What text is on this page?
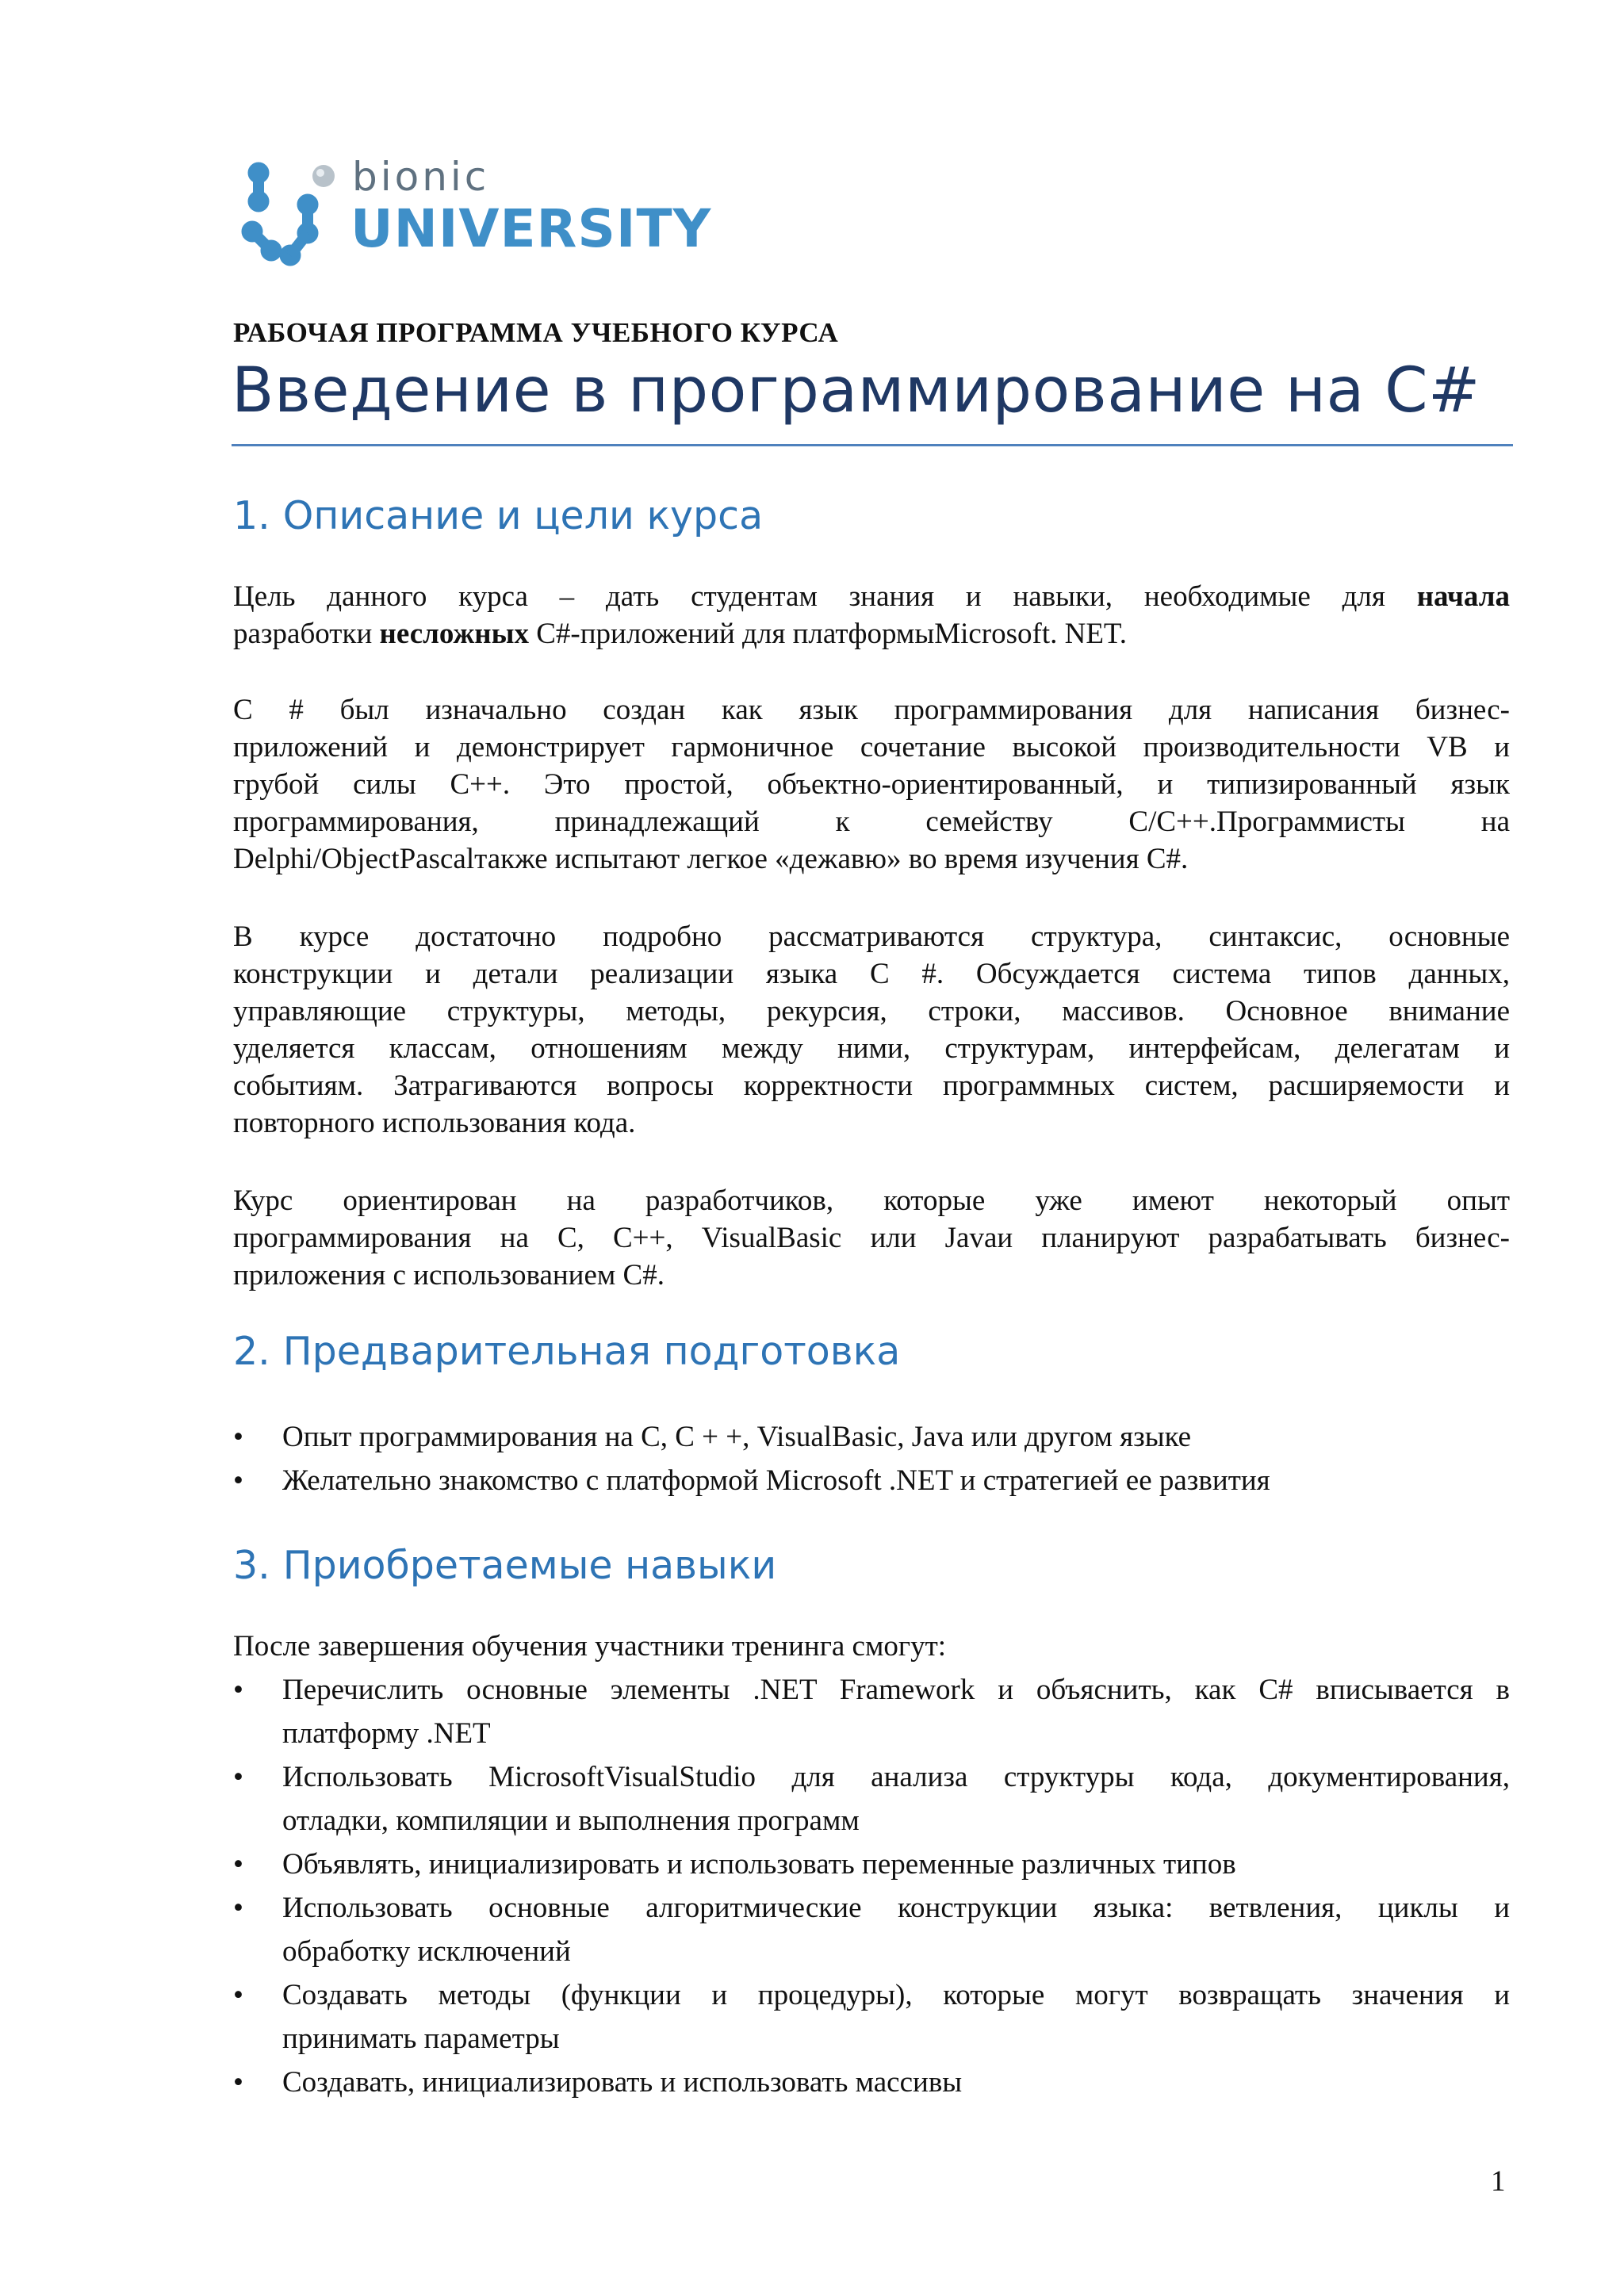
bionic
UNIVERSITY
РАБОЧАЯ ПРОГРАММА УЧЕБНОГО КУРСА
Введение в программирование на С#
1. Описание и цели курса
Цель данного курса – дать студентам знания и навыки, необходимые для начала
разработки несложных С#-приложений для платформыMicrosoft. NET.
С # был изначально создан как язык программирования для написания бизнес-
приложений и демонстрирует гармоничное сочетание высокой производительности VB и
грубой силы С++. Это простой, объектно-ориентированный, и типизированный язык
программирования, принадлежащий к семейству С/С++.Программисты на
Delphi/ObjectPascalтакже испытают легкое «дежавю» во время изучения С#.
В курсе достаточно подробно рассматриваются структура, синтаксис, основные
конструкции и детали реализации языка С #. Обсуждается система типов данных,
управляющие структуры, методы, рекурсия, строки, массивов. Основное внимание
уделяется классам, отношениям между ними, структурам, интерфейсам, делегатам и
событиям. Затрагиваются вопросы корректности программных систем, расширяемости и
повторного использования кода.
Курс ориентирован на разработчиков, которые уже имеют некоторый опыт
программирования на С, С++, VisualBasic или Javaи планируют разрабатывать бизнес-
приложения с использованием С#.
2. Предварительная подготовка
•	Опыт программирования на С, С + +, VisualBasic, Java или другом языке
•	Желательно знакомство с платформой Microsoft .NET и стратегией ее развития
3. Приобретаемые навыки
После завершения обучения участники тренинга смогут:
•	Перечислить основные элементы .NET Framework и объяснить, как С# вписывается в
платформу .NET
•	Использовать MicrosoftVisualStudio для анализа структуры кода, документирования,
отладки, компиляции и выполнения программ
•	Объявлять, инициализировать и использовать переменные различных типов
•	Использовать основные алгоритмические конструкции языка: ветвления, циклы и
обработку исключений
•	Создавать методы (функции и процедуры), которые могут возвращать значения и
принимать параметры
•	Создавать, инициализировать и использовать массивы
1
